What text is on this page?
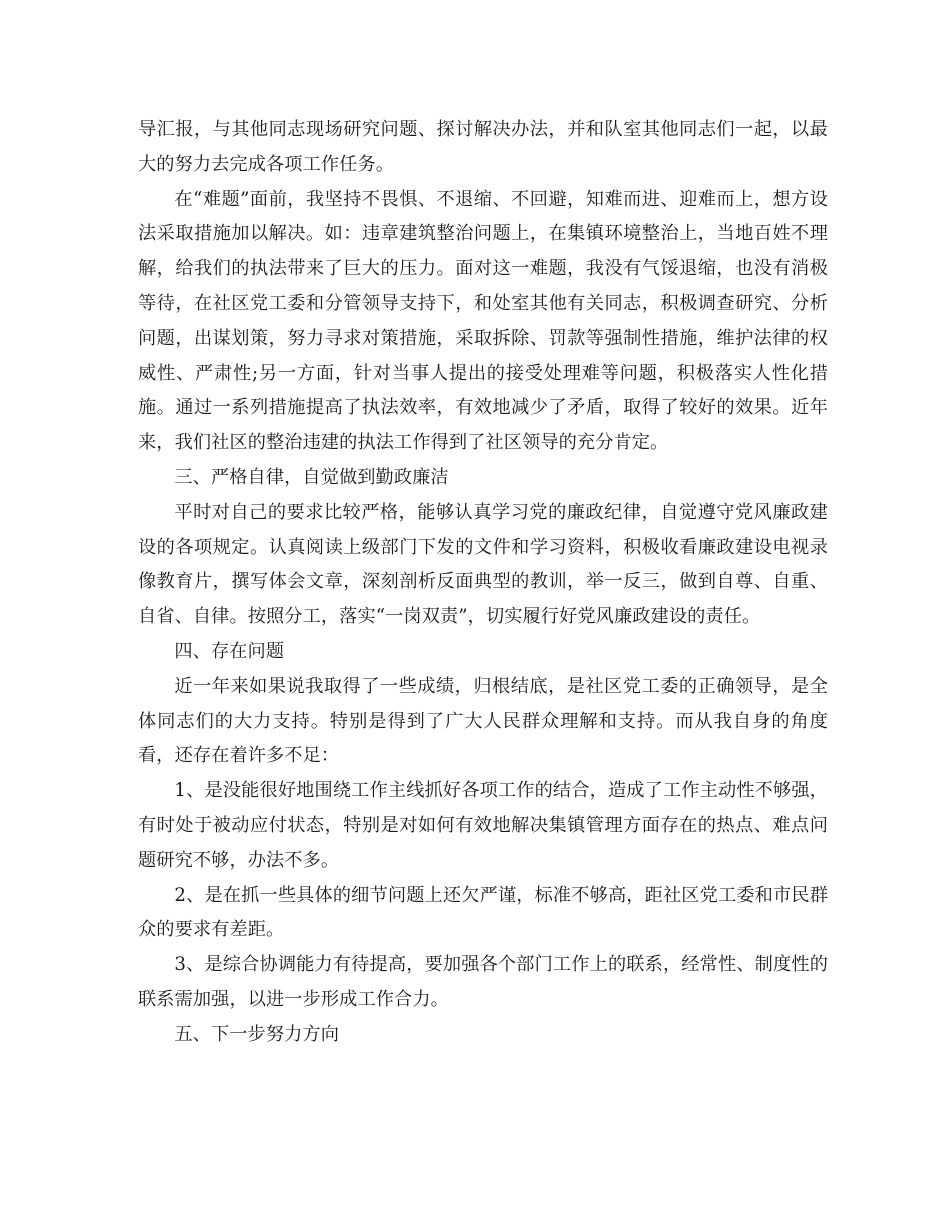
导汇报，与其他同志现场研究问题、探讨解决办法，并和队室其他同志们一起，以最大的努力去完成各项工作任务。

在“难题”面前，我坚持不畏惧、不退缩、不回避，知难而进、迎难而上，想方设法采取措施加以解决。如：违章建筑整治问题上，在集镇环境整治上，当地百姓不理解，给我们的执法带来了巨大的压力。面对这一难题，我没有气馁退缩，也没有消极等待，在社区党工委和分管领导支持下，和处室其他有关同志，积极调查研究、分析问题，出谋划策，努力寻求对策措施，采取拆除、罚款等强制性措施，维护法律的权威性、严肃性;另一方面，针对当事人提出的接受处理难等问题，积极落实人性化措施。通过一系列措施提高了执法效率，有效地减少了矛盾，取得了较好的效果。近年来，我们社区的整治违建的执法工作得到了社区领导的充分肯定。

三、严格自律，自觉做到勤政廉洁

平时对自己的要求比较严格，能够认真学习党的廉政纪律，自觉遵守党风廉政建设的各项规定。认真阅读上级部门下发的文件和学习资料，积极收看廉政建设电视录像教育片，撰写体会文章，深刻剖析反面典型的教训，举一反三，做到自尊、自重、自省、自律。按照分工，落实“一岗双责”，切实履行好党风廉政建设的责任。

四、存在问题

近一年来如果说我取得了一些成绩，归根结底，是社区党工委的正确领导，是全体同志们的大力支持。特别是得到了广大人民群众理解和支持。而从我自身的角度看，还存在着许多不足：

1、是没能很好地围绕工作主线抓好各项工作的结合，造成了工作主动性不够强，有时处于被动应付状态，特别是对如何有效地解决集镇管理方面存在的热点、难点问题研究不够，办法不多。

2、是在抓一些具体的细节问题上还欠严谨，标准不够高，距社区党工委和市民群众的要求有差距。

3、是综合协调能力有待提高，要加强各个部门工作上的联系，经常性、制度性的联系需加强，以进一步形成工作合力。

五、下一步努力方向
